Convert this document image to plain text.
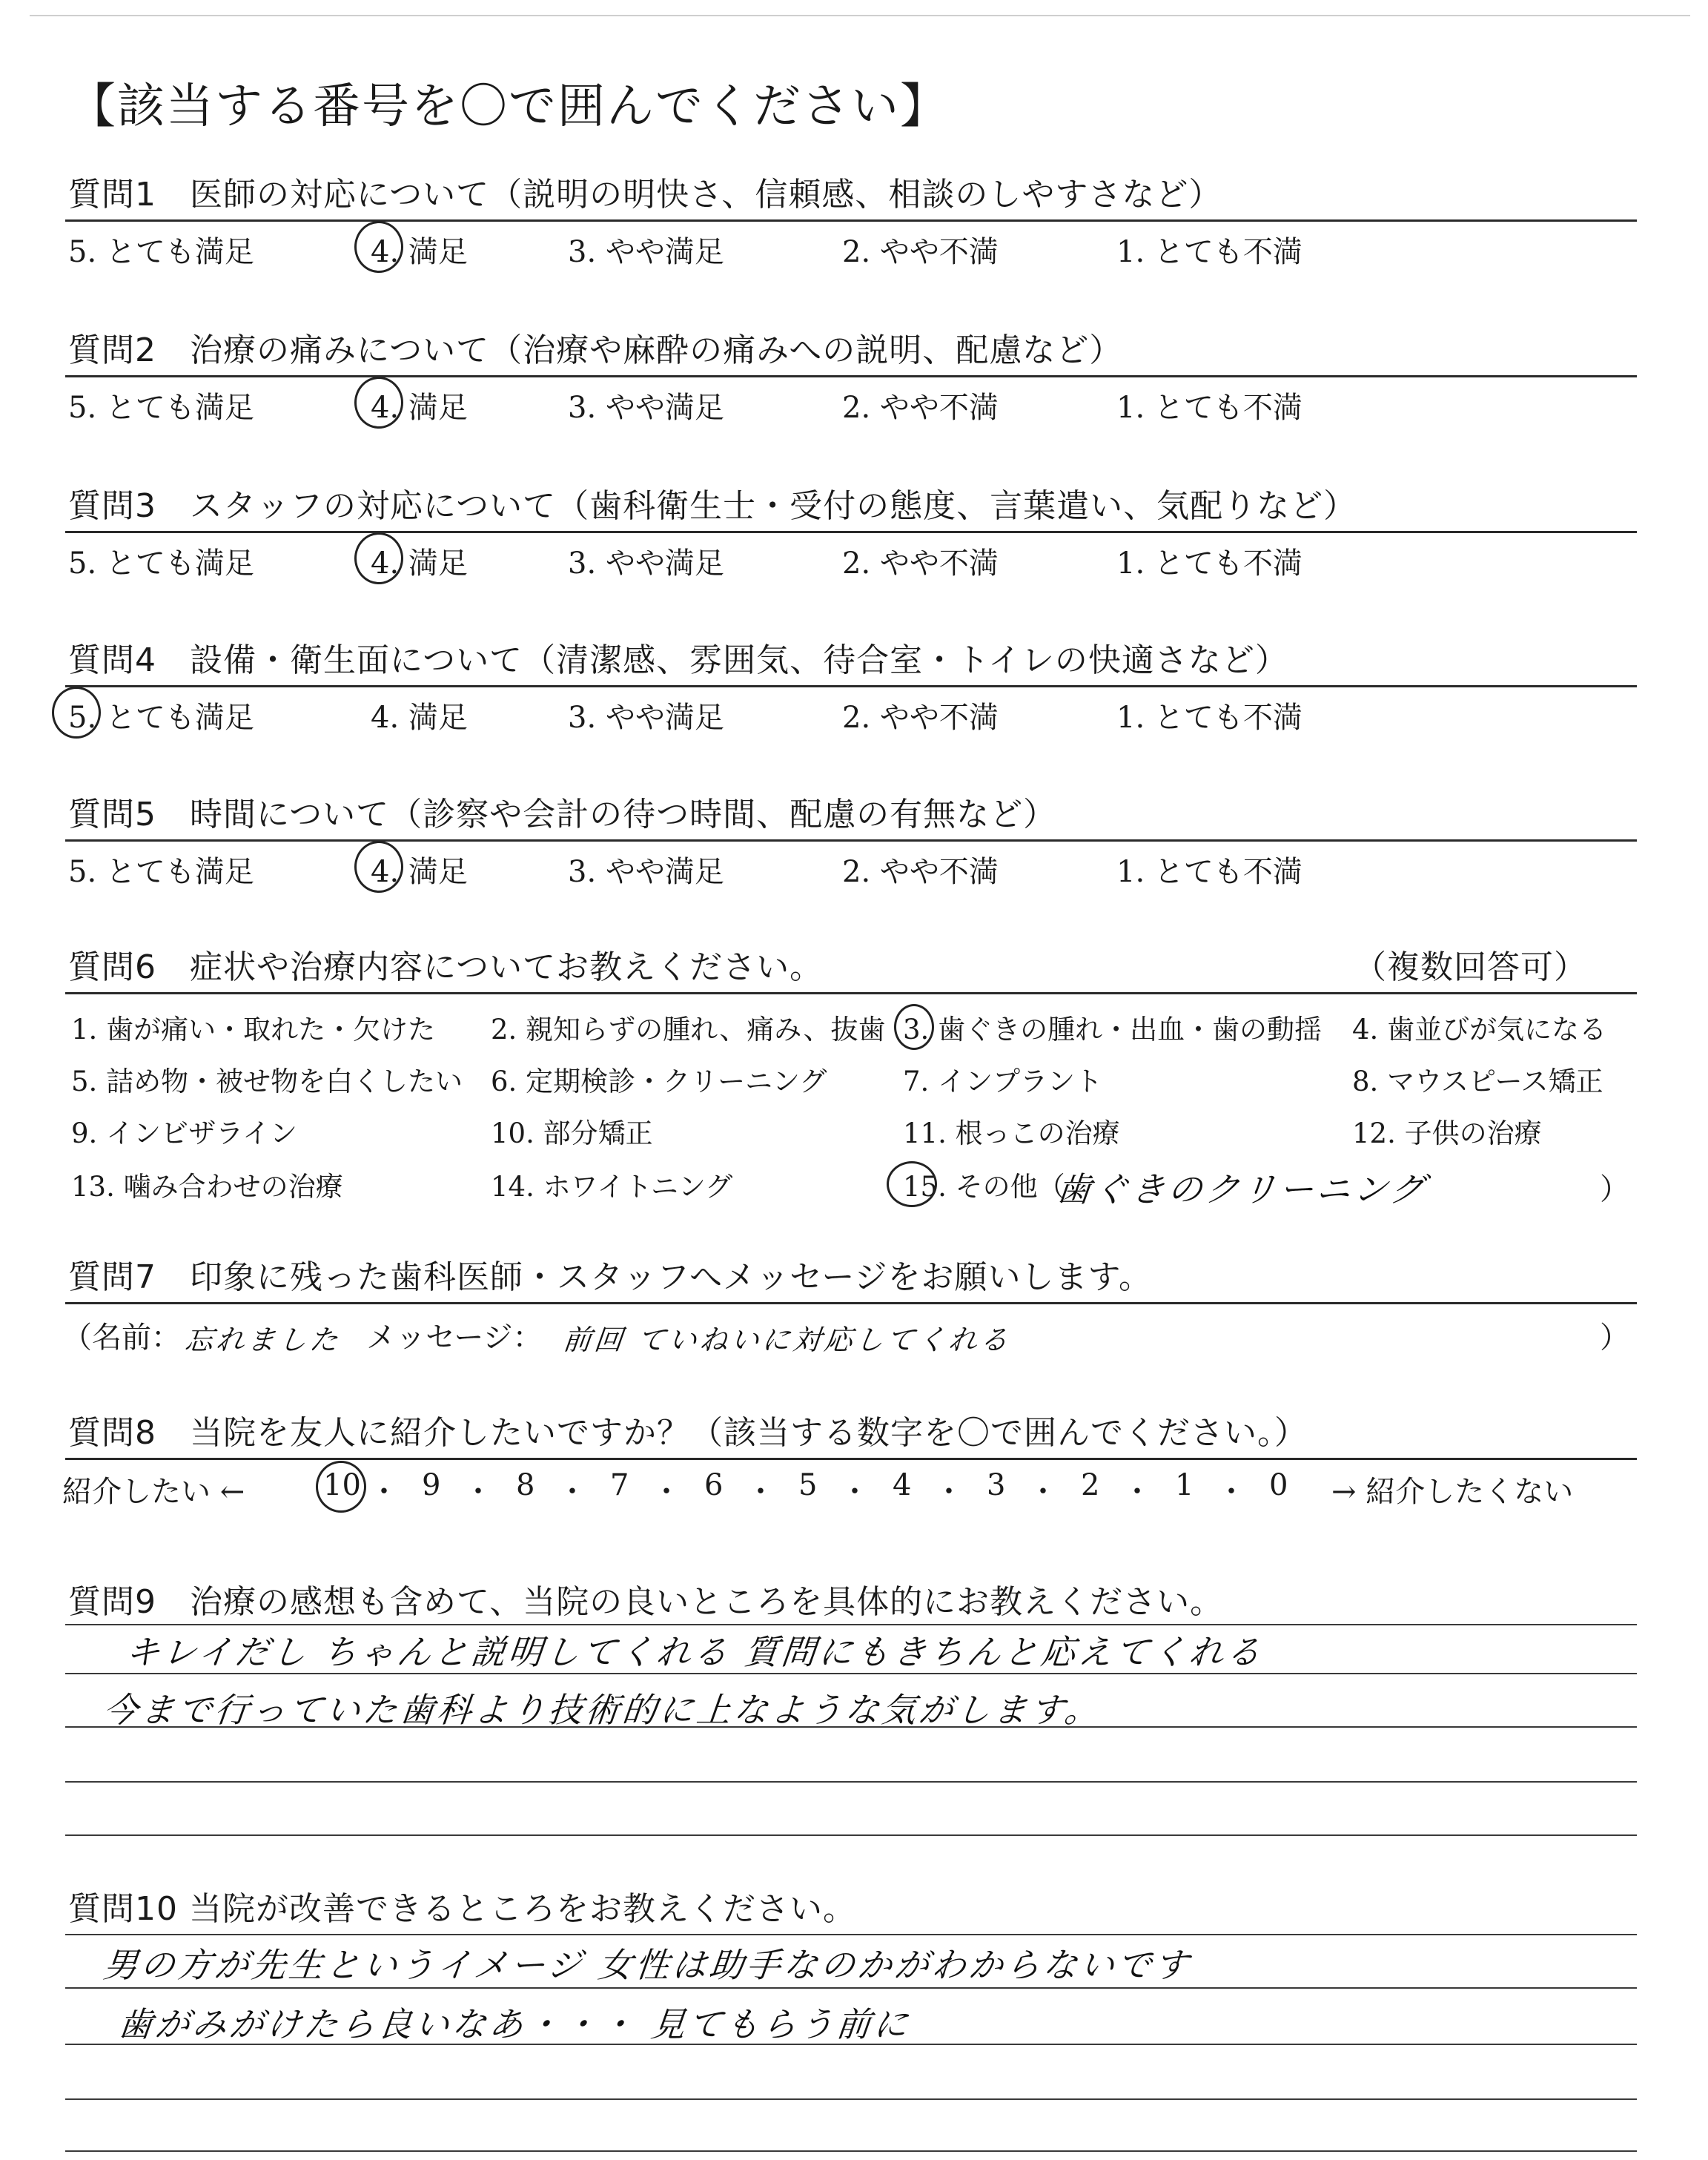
【該当する番号を〇で囲んでください】
質問1　医師の対応について（説明の明快さ、信頼感、相談のしやすさなど）
5. とても満足	4. 満足	3. やや満足	2. やや不満	1. とても不満
質問2　治療の痛みについて（治療や麻酔の痛みへの説明、配慮など）
5. とても満足	4. 満足	3. やや満足	2. やや不満	1. とても不満
質問3　スタッフの対応について（歯科衛生士・受付の態度、言葉遣い、気配りなど）
5. とても満足	4. 満足	3. やや満足	2. やや不満	1. とても不満
質問4　設備・衛生面について（清潔感、雰囲気、待合室・トイレの快適さなど）
5. とても満足	4. 満足	3. やや満足	2. やや不満	1. とても不満
質問5　時間について（診察や会計の待つ時間、配慮の有無など）
5. とても満足	4. 満足	3. やや満足	2. やや不満	1. とても不満
質問6　症状や治療内容についてお教えください。	（複数回答可）
1. 歯が痛い・取れた・欠けた 2. 親知らずの腫れ、痛み、抜歯 3. 歯ぐきの腫れ・出血・歯の動揺 4. 歯並びが気になる
5. 詰め物・被せ物を白くしたい 6. 定期検診・クリーニング	7. インプラント	8. マウスピース矯正
9. インビザライン	10. 部分矯正	11. 根っこの治療	12. 子供の治療
13. 噛み合わせの治療	14. ホワイトニング	15. その他（
歯ぐきのクリーニング	）
質問7　印象に残った歯科医師・スタッフへメッセージをお願いします。
（名前： 忘れました メッセージ： 前回 ていねいに対応してくれる	）
質問8　当院を友人に紹介したいですか？（該当する数字を〇で囲んでください。）
紹介したい ←	10 ・ 9 ・ 8 ・ 7 ・ 6 ・ 5 ・ 4 ・ 3 ・ 2 ・ 1 ・ 0 → 紹介したくない
質問9　治療の感想も含めて、当院の良いところを具体的にお教えください。
キレイだし ちゃんと説明してくれる 質問にもきちんと応えてくれる
今まで行っていた歯科より技術的に上なような気がします。
質問10 当院が改善できるところをお教えください。
男の方が先生というイメージ 女性は助手なのかがわからないです
歯がみがけたら良いなあ・・・ 見てもらう前に
